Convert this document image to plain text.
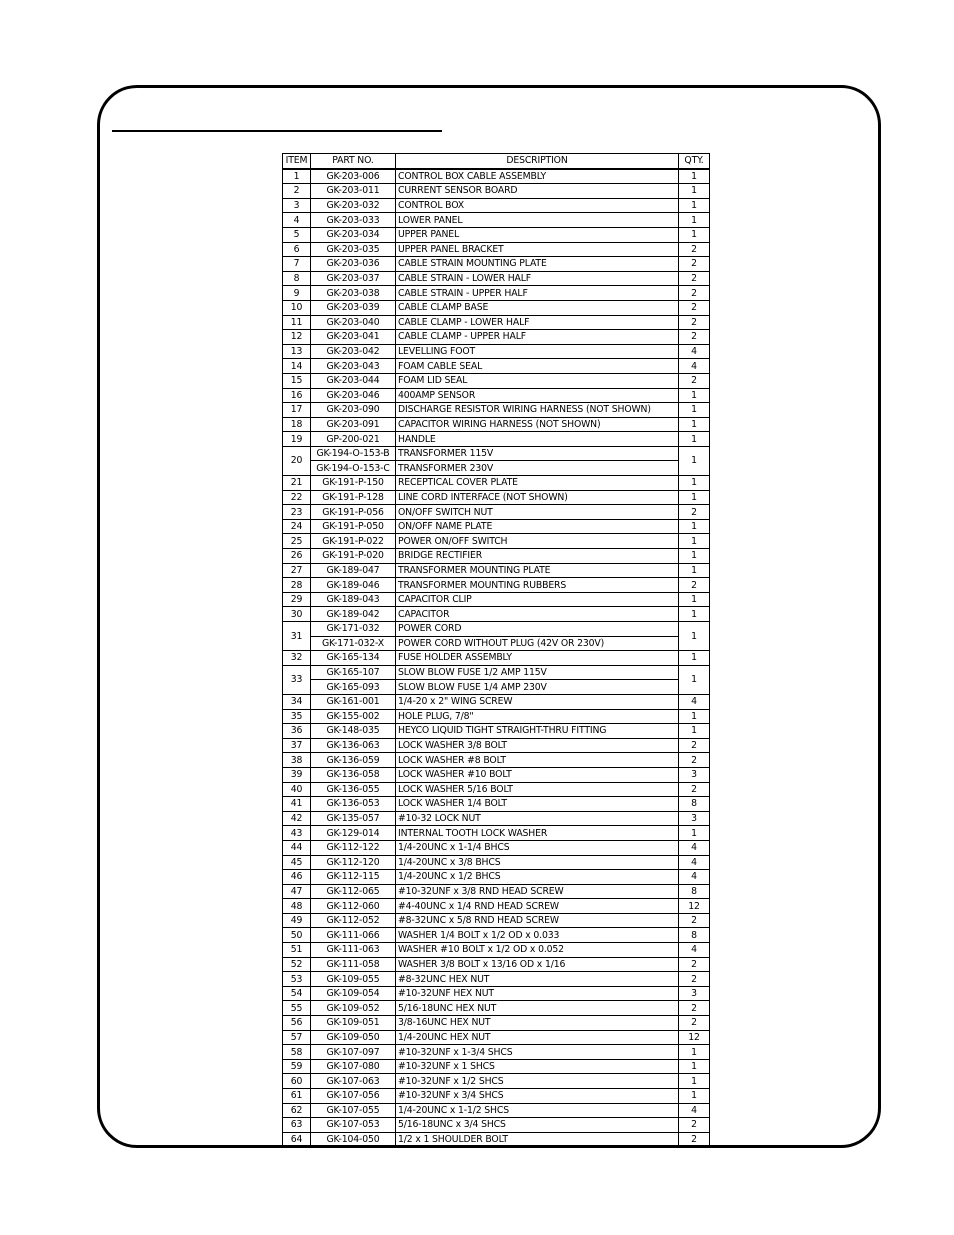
ITEM	PART NO.	DESCRIPTION	QTY.
1	GK-203-006	CONTROL BOX CABLE ASSEMBLY	1
2	GK-203-011	CURRENT SENSOR BOARD	1
3	GK-203-032	CONTROL BOX	1
4	GK-203-033	LOWER PANEL	1
5	GK-203-034	UPPER PANEL	1
6	GK-203-035	UPPER PANEL BRACKET	2
7	GK-203-036	CABLE STRAIN MOUNTING PLATE	2
8	GK-203-037	CABLE STRAIN - LOWER HALF	2
9	GK-203-038	CABLE STRAIN - UPPER HALF	2
10	GK-203-039	CABLE CLAMP BASE	2
11	GK-203-040	CABLE CLAMP - LOWER HALF	2
12	GK-203-041	CABLE CLAMP - UPPER HALF	2
13	GK-203-042	LEVELLING FOOT	4
14	GK-203-043	FOAM CABLE SEAL	4
15	GK-203-044	FOAM LID SEAL	2
16	GK-203-046	400AMP SENSOR	1
17	GK-203-090	DISCHARGE RESISTOR WIRING HARNESS (NOT SHOWN)	1
18	GK-203-091	CAPACITOR WIRING HARNESS (NOT SHOWN)	1
19	GP-200-021	HANDLE	1
20	GK-194-O-153-B	TRANSFORMER 115V	1
	GK-194-O-153-C	TRANSFORMER 230V	
21	GK-191-P-150	RECEPTICAL COVER PLATE	1
22	GK-191-P-128	LINE CORD INTERFACE (NOT SHOWN)	1
23	GK-191-P-056	ON/OFF SWITCH NUT	2
24	GK-191-P-050	ON/OFF NAME PLATE	1
25	GK-191-P-022	POWER ON/OFF SWITCH	1
26	GK-191-P-020	BRIDGE RECTIFIER	1
27	GK-189-047	TRANSFORMER MOUNTING PLATE	1
28	GK-189-046	TRANSFORMER MOUNTING RUBBERS	2
29	GK-189-043	CAPACITOR CLIP	1
30	GK-189-042	CAPACITOR	1
31	GK-171-032	POWER CORD	1
	GK-171-032-X	POWER CORD WITHOUT PLUG (42V OR 230V)	
32	GK-165-134	FUSE HOLDER ASSEMBLY	1
33	GK-165-107	SLOW BLOW FUSE 1/2 AMP 115V	1
	GK-165-093	SLOW BLOW FUSE 1/4 AMP 230V	
34	GK-161-001	1/4-20 x 2" WING SCREW	4
35	GK-155-002	HOLE PLUG, 7/8"	1
36	GK-148-035	HEYCO LIQUID TIGHT STRAIGHT-THRU FITTING	1
37	GK-136-063	LOCK WASHER 3/8 BOLT	2
38	GK-136-059	LOCK WASHER #8 BOLT	2
39	GK-136-058	LOCK WASHER #10 BOLT	3
40	GK-136-055	LOCK WASHER 5/16 BOLT	2
41	GK-136-053	LOCK WASHER 1/4 BOLT	8
42	GK-135-057	#10-32 LOCK NUT	3
43	GK-129-014	INTERNAL TOOTH LOCK WASHER	1
44	GK-112-122	1/4-20UNC x 1-1/4 BHCS	4
45	GK-112-120	1/4-20UNC x 3/8 BHCS	4
46	GK-112-115	1/4-20UNC x 1/2 BHCS	4
47	GK-112-065	#10-32UNF x 3/8 RND HEAD SCREW	8
48	GK-112-060	#4-40UNC x 1/4 RND HEAD SCREW	12
49	GK-112-052	#8-32UNC x 5/8 RND HEAD SCREW	2
50	GK-111-066	WASHER 1/4 BOLT x 1/2 OD x 0.033	8
51	GK-111-063	WASHER #10 BOLT x 1/2 OD x 0.052	4
52	GK-111-058	WASHER 3/8 BOLT x 13/16 OD x 1/16	2
53	GK-109-055	#8-32UNC HEX NUT	2
54	GK-109-054	#10-32UNF HEX NUT	3
55	GK-109-052	5/16-18UNC HEX NUT	2
56	GK-109-051	3/8-16UNC HEX NUT	2
57	GK-109-050	1/4-20UNC HEX NUT	12
58	GK-107-097	#10-32UNF x 1-3/4 SHCS	1
59	GK-107-080	#10-32UNF x 1 SHCS	1
60	GK-107-063	#10-32UNF x 1/2 SHCS	1
61	GK-107-056	#10-32UNF x 3/4 SHCS	1
62	GK-107-055	1/4-20UNC x 1-1/2 SHCS	4
63	GK-107-053	5/16-18UNC x 3/4 SHCS	2
64	GK-104-050	1/2 x 1 SHOULDER BOLT	2
